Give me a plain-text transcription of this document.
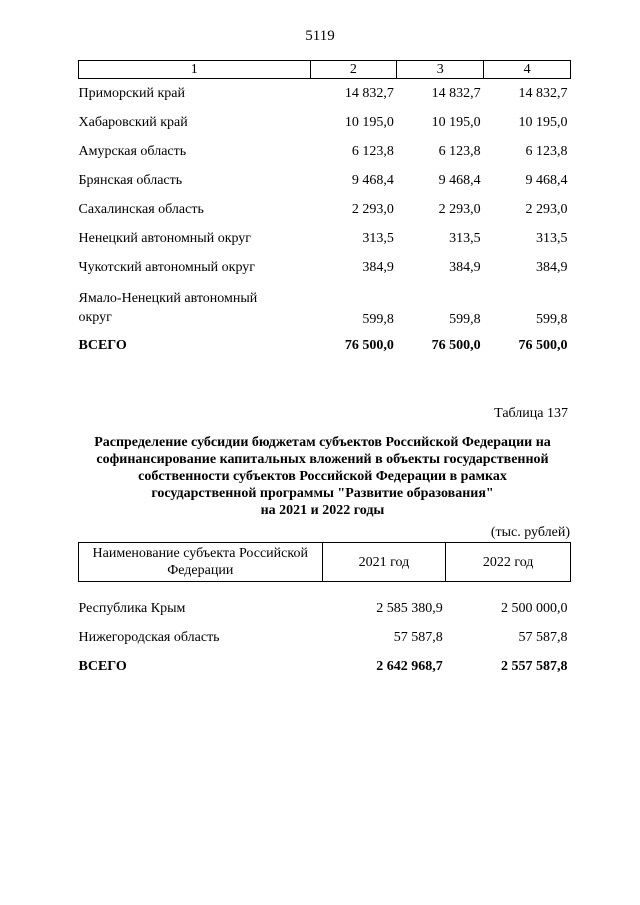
5119
1	2	3	4
Приморский край	14 832,7	14 832,7	14 832,7
Хабаровский край	10 195,0	10 195,0	10 195,0
Амурская область	6 123,8	6 123,8	6 123,8
Брянская область	9 468,4	9 468,4	9 468,4
Сахалинская область	2 293,0	2 293,0	2 293,0
Ненецкий автономный округ	313,5	313,5	313,5
Чукотский автономный округ	384,9	384,9	384,9
Ямало-Ненецкий автономный
округ	599,8	599,8	599,8
ВСЕГО	76 500,0	76 500,0	76 500,0
Таблица 137
Распределение субсидии бюджетам субъектов Российской Федерации на
софинансирование капитальных вложений в объекты государственной
собственности субъектов Российской Федерации в рамках
государственной программы "Развитие образования"
на 2021 и 2022 годы
(тыс. рублей)
Наименование субъекта Российской
Федерации	2021 год	2022 год
Республика Крым	2 585 380,9	2 500 000,0
Нижегородская область	57 587,8	57 587,8
ВСЕГО	2 642 968,7	2 557 587,8
